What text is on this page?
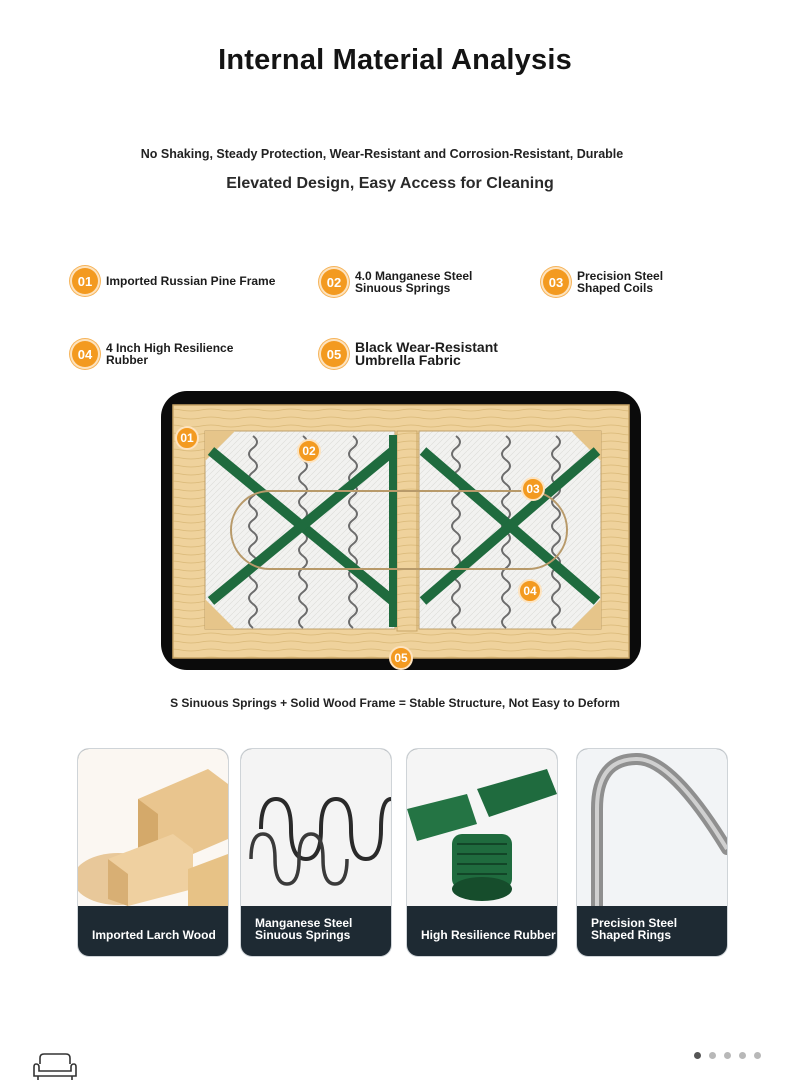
Internal Material Analysis
No Shaking, Steady Protection, Wear-Resistant and Corrosion-Resistant, Durable
Elevated Design, Easy Access for Cleaning
01	Imported Russian Pine Frame	02	4.0 Manganese Steel
Sinuous Springs	03	Precision Steel
Shaped Coils
04	4 Inch High Resilience
Rubber	05 Black Wear-Resistant
Umbrella Fabric
01
02
03
04
05
S Sinuous Springs + Solid Wood Frame = Stable Structure, Not Easy to Deform
Imported Larch Wood
Manganese Steel
Sinuous Springs	High Resilience Rubber
Precision Steel
Shaped Rings
